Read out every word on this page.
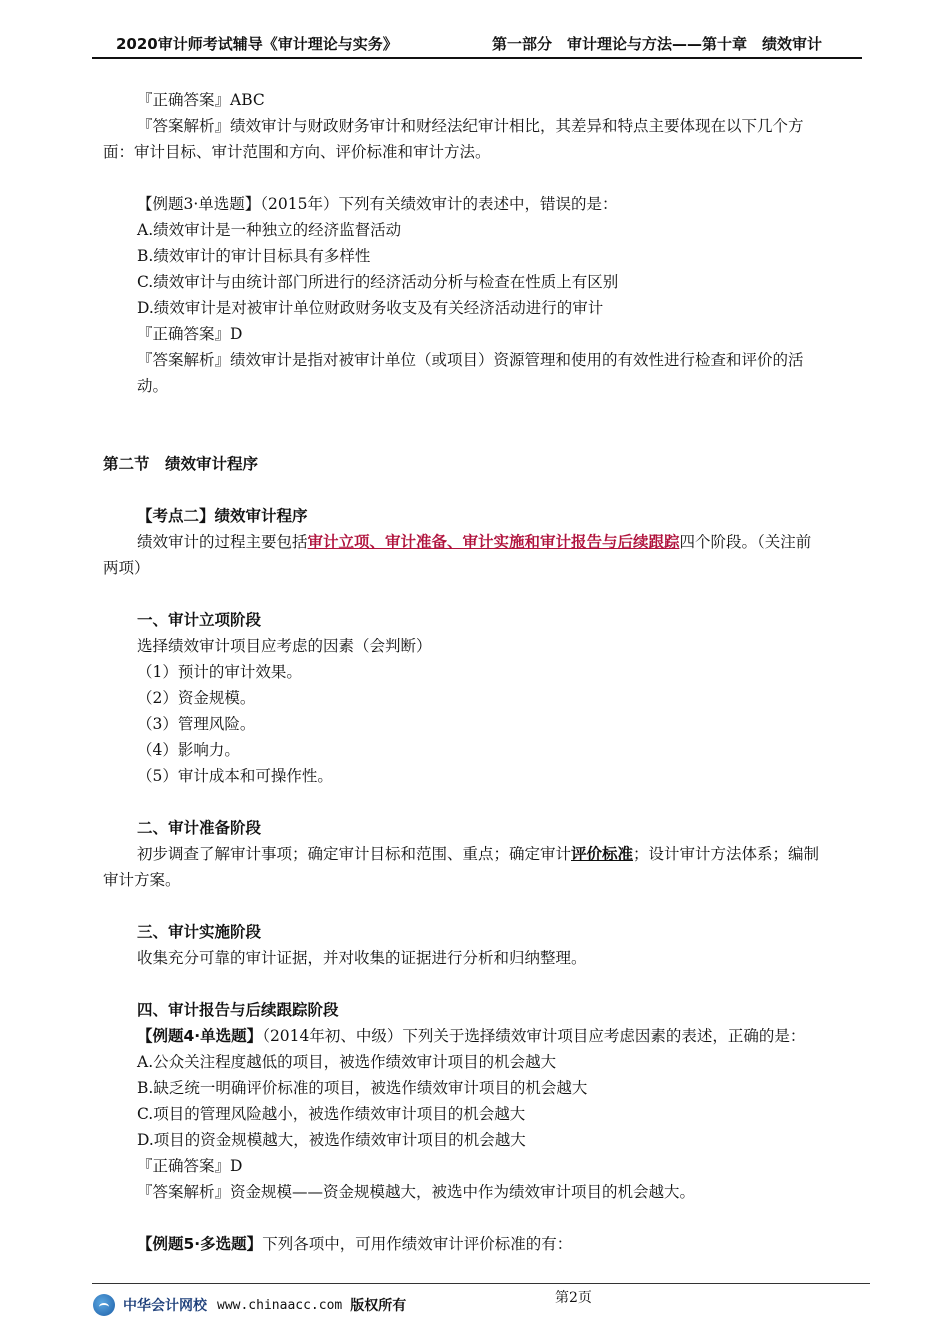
2020审计师考试辅导《审计理论与实务》	第一部分　审计理论与方法——第十章　绩效审计
『正确答案』ABC
『答案解析』绩效审计与财政财务审计和财经法纪审计相比，其差异和特点主要体现在以下几个方
面：审计目标、审计范围和方向、评价标准和审计方法。
【例题3·单选题】（2015年）下列有关绩效审计的表述中，错误的是：
A.绩效审计是一种独立的经济监督活动
B.绩效审计的审计目标具有多样性
C.绩效审计与由统计部门所进行的经济活动分析与检查在性质上有区别
D.绩效审计是对被审计单位财政财务收支及有关经济活动进行的审计
『正确答案』D
『答案解析』绩效审计是指对被审计单位（或项目）资源管理和使用的有效性进行检查和评价的活
动。
第二节　绩效审计程序
【考点二】绩效审计程序
绩效审计的过程主要包括审计立项、审计准备、审计实施和审计报告与后续跟踪四个阶段。（关注前
两项）
一、审计立项阶段
选择绩效审计项目应考虑的因素（会判断）
（1）预计的审计效果。
（2）资金规模。
（3）管理风险。
（4）影响力。
（5）审计成本和可操作性。
二、审计准备阶段
初步调查了解审计事项；确定审计目标和范围、重点；确定审计评价标准；设计审计方法体系；编制
审计方案。
三、审计实施阶段
收集充分可靠的审计证据，并对收集的证据进行分析和归纳整理。
四、审计报告与后续跟踪阶段
【例题4·单选题】（2014年初、中级）下列关于选择绩效审计项目应考虑因素的表述，正确的是：
A.公众关注程度越低的项目，被选作绩效审计项目的机会越大
B.缺乏统一明确评价标准的项目，被选作绩效审计项目的机会越大
C.项目的管理风险越小，被选作绩效审计项目的机会越大
D.项目的资金规模越大，被选作绩效审计项目的机会越大
『正确答案』D
『答案解析』资金规模——资金规模越大，被选中作为绩效审计项目的机会越大。
【例题5·多选题】下列各项中，可用作绩效审计评价标准的有：
第2页
中华会计网校 www.chinaacc.com 版权所有
